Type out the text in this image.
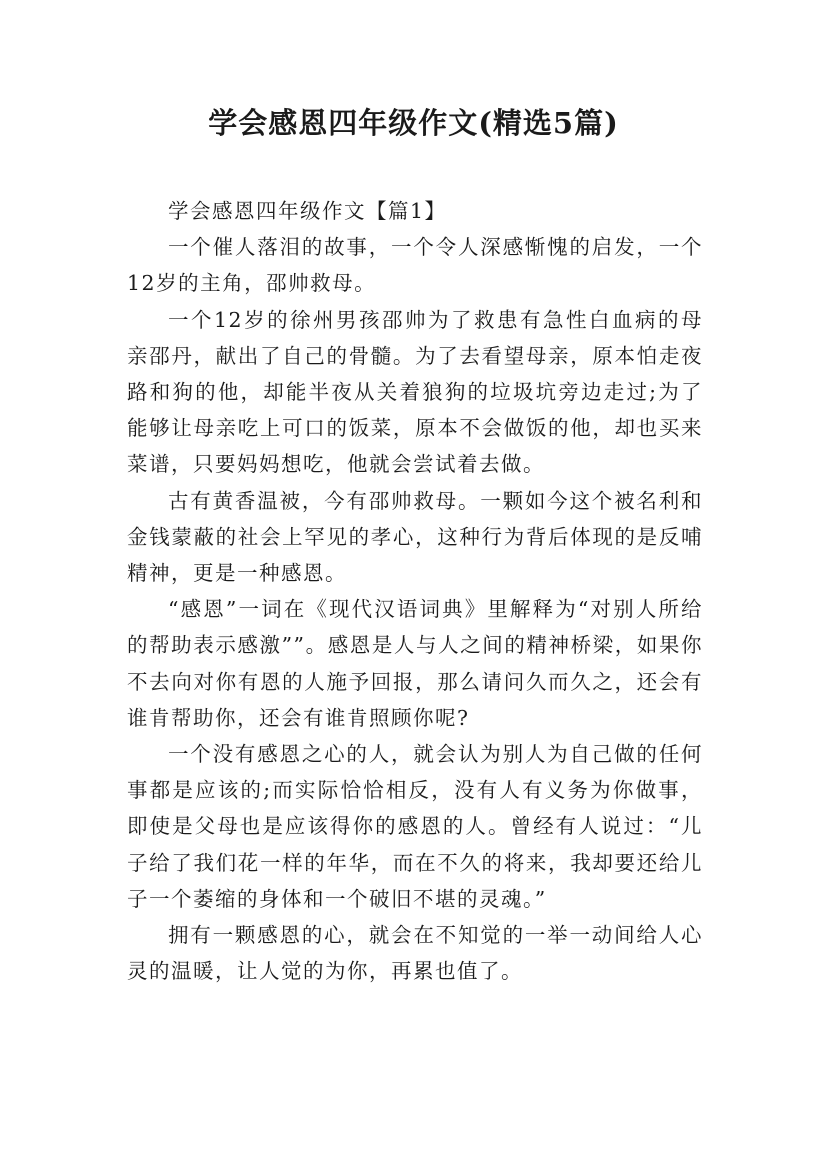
学会感恩四年级作文(精选5篇)

学会感恩四年级作文【篇1】

一个催人落泪的故事，一个令人深感惭愧的启发，一个12岁的主角，邵帅救母。

一个12岁的徐州男孩邵帅为了救患有急性白血病的母亲邵丹，献出了自己的骨髓。为了去看望母亲，原本怕走夜路和狗的他，却能半夜从关着狼狗的垃圾坑旁边走过;为了能够让母亲吃上可口的饭菜，原本不会做饭的他，却也买来菜谱，只要妈妈想吃，他就会尝试着去做。

古有黄香温被，今有邵帅救母。一颗如今这个被名利和金钱蒙蔽的社会上罕见的孝心，这种行为背后体现的是反哺精神，更是一种感恩。

“感恩”一词在《现代汉语词典》里解释为“对别人所给的帮助表示感激””。感恩是人与人之间的精神桥梁，如果你不去向对你有恩的人施予回报，那么请问久而久之，还会有谁肯帮助你，还会有谁肯照顾你呢?

一个没有感恩之心的人，就会认为别人为自己做的任何事都是应该的;而实际恰恰相反，没有人有义务为你做事，即使是父母也是应该得你的感恩的人。曾经有人说过：“儿子给了我们花一样的年华，而在不久的将来，我却要还给儿子一个萎缩的身体和一个破旧不堪的灵魂。”

拥有一颗感恩的心，就会在不知觉的一举一动间给人心灵的温暖，让人觉的为你，再累也值了。
